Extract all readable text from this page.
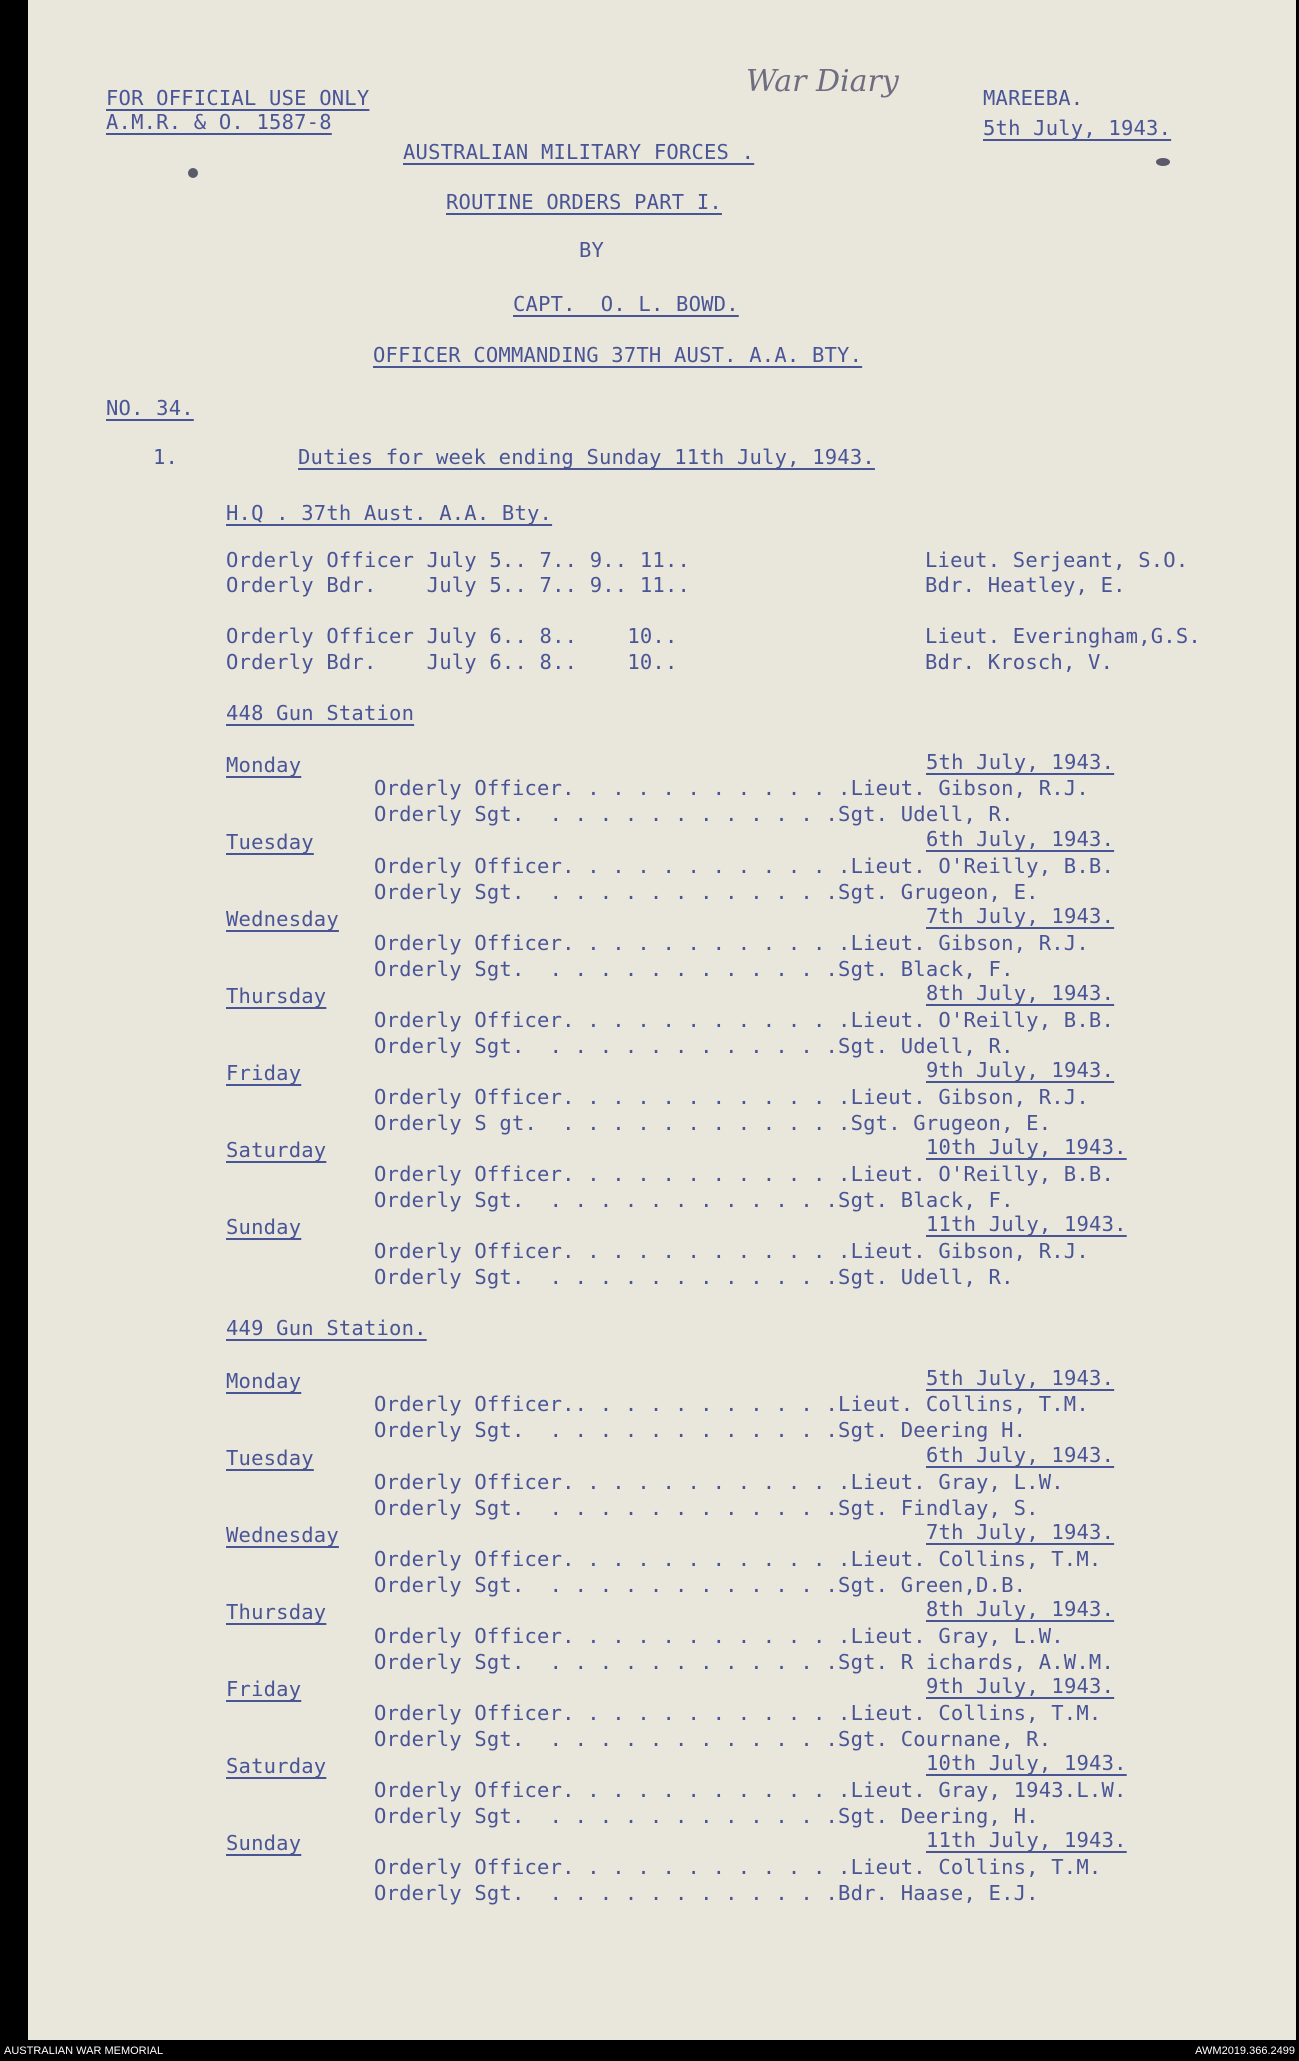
FOR OFFICIAL USE ONLY
A.M.R. & O. 1587-8
War Diary	MAREEBA.
5th July, 1943.
AUSTRALIAN MILITARY FORCES .
ROUTINE ORDERS PART I.
BY
CAPT.  O. L. BOWD.
OFFICER COMMANDING 37TH AUST. A.A. BTY.
NO. 34.
1.	Duties for week ending Sunday 11th July, 1943.
H.Q . 37th Aust. A.A. Bty.
Orderly Officer July 5.. 7.. 9.. 11..	Lieut. Serjeant, S.O.
Orderly Bdr.    July 5.. 7.. 9.. 11..	Bdr. Heatley, E.
Orderly Officer July 6.. 8..    10..	Lieut. Everingham,G.S.
Orderly Bdr.    July 6.. 8..    10..	Bdr. Krosch, V.
448 Gun Station
Monday	5th July, 1943.
Orderly Officer. . . . . . . . . . . .Lieut. Gibson, R.J.
Orderly Sgt.  . . . . . . . . . . . .Sgt. Udell, R.
Tuesday	6th July, 1943.
Orderly Officer. . . . . . . . . . . .Lieut. O'Reilly, B.B.
Orderly Sgt.  . . . . . . . . . . . .Sgt. Grugeon, E.
Wednesday	7th July, 1943.
Orderly Officer. . . . . . . . . . . .Lieut. Gibson, R.J.
Orderly Sgt.  . . . . . . . . . . . .Sgt. Black, F.
Thursday	8th July, 1943.
Orderly Officer. . . . . . . . . . . .Lieut. O'Reilly, B.B.
Orderly Sgt.  . . . . . . . . . . . .Sgt. Udell, R.
Friday	9th July, 1943.
Orderly Officer. . . . . . . . . . . .Lieut. Gibson, R.J.
Orderly S gt.  . . . . . . . . . . . .Sgt. Grugeon, E.
Saturday	10th July, 1943.
Orderly Officer. . . . . . . . . . . .Lieut. O'Reilly, B.B.
Orderly Sgt.  . . . . . . . . . . . .Sgt. Black, F.
Sunday	11th July, 1943.
Orderly Officer. . . . . . . . . . . .Lieut. Gibson, R.J.
Orderly Sgt.  . . . . . . . . . . . .Sgt. Udell, R.
449 Gun Station.
Monday	5th July, 1943.
Orderly Officer.. . . . . . . . . . .Lieut. Collins, T.M.
Orderly Sgt.  . . . . . . . . . . . .Sgt. Deering H.
Tuesday	6th July, 1943.
Orderly Officer. . . . . . . . . . . .Lieut. Gray, L.W.
Orderly Sgt.  . . . . . . . . . . . .Sgt. Findlay, S.
Wednesday	7th July, 1943.
Orderly Officer. . . . . . . . . . . .Lieut. Collins, T.M.
Orderly Sgt.  . . . . . . . . . . . .Sgt. Green,D.B.
Thursday	8th July, 1943.
Orderly Officer. . . . . . . . . . . .Lieut. Gray, L.W.
Orderly Sgt.  . . . . . . . . . . . .Sgt. R ichards, A.W.M.
Friday	9th July, 1943.
Orderly Officer. . . . . . . . . . . .Lieut. Collins, T.M.
Orderly Sgt.  . . . . . . . . . . . .Sgt. Cournane, R.
Saturday	10th July, 1943.
Orderly Officer. . . . . . . . . . . .Lieut. Gray, 1943.L.W.
Orderly Sgt.  . . . . . . . . . . . .Sgt. Deering, H.
Sunday	11th July, 1943.
Orderly Officer. . . . . . . . . . . .Lieut. Collins, T.M.
Orderly Sgt.  . . . . . . . . . . . .Bdr. Haase, E.J.
AUSTRALIAN WAR MEMORIAL	AWM2019.366.2499
